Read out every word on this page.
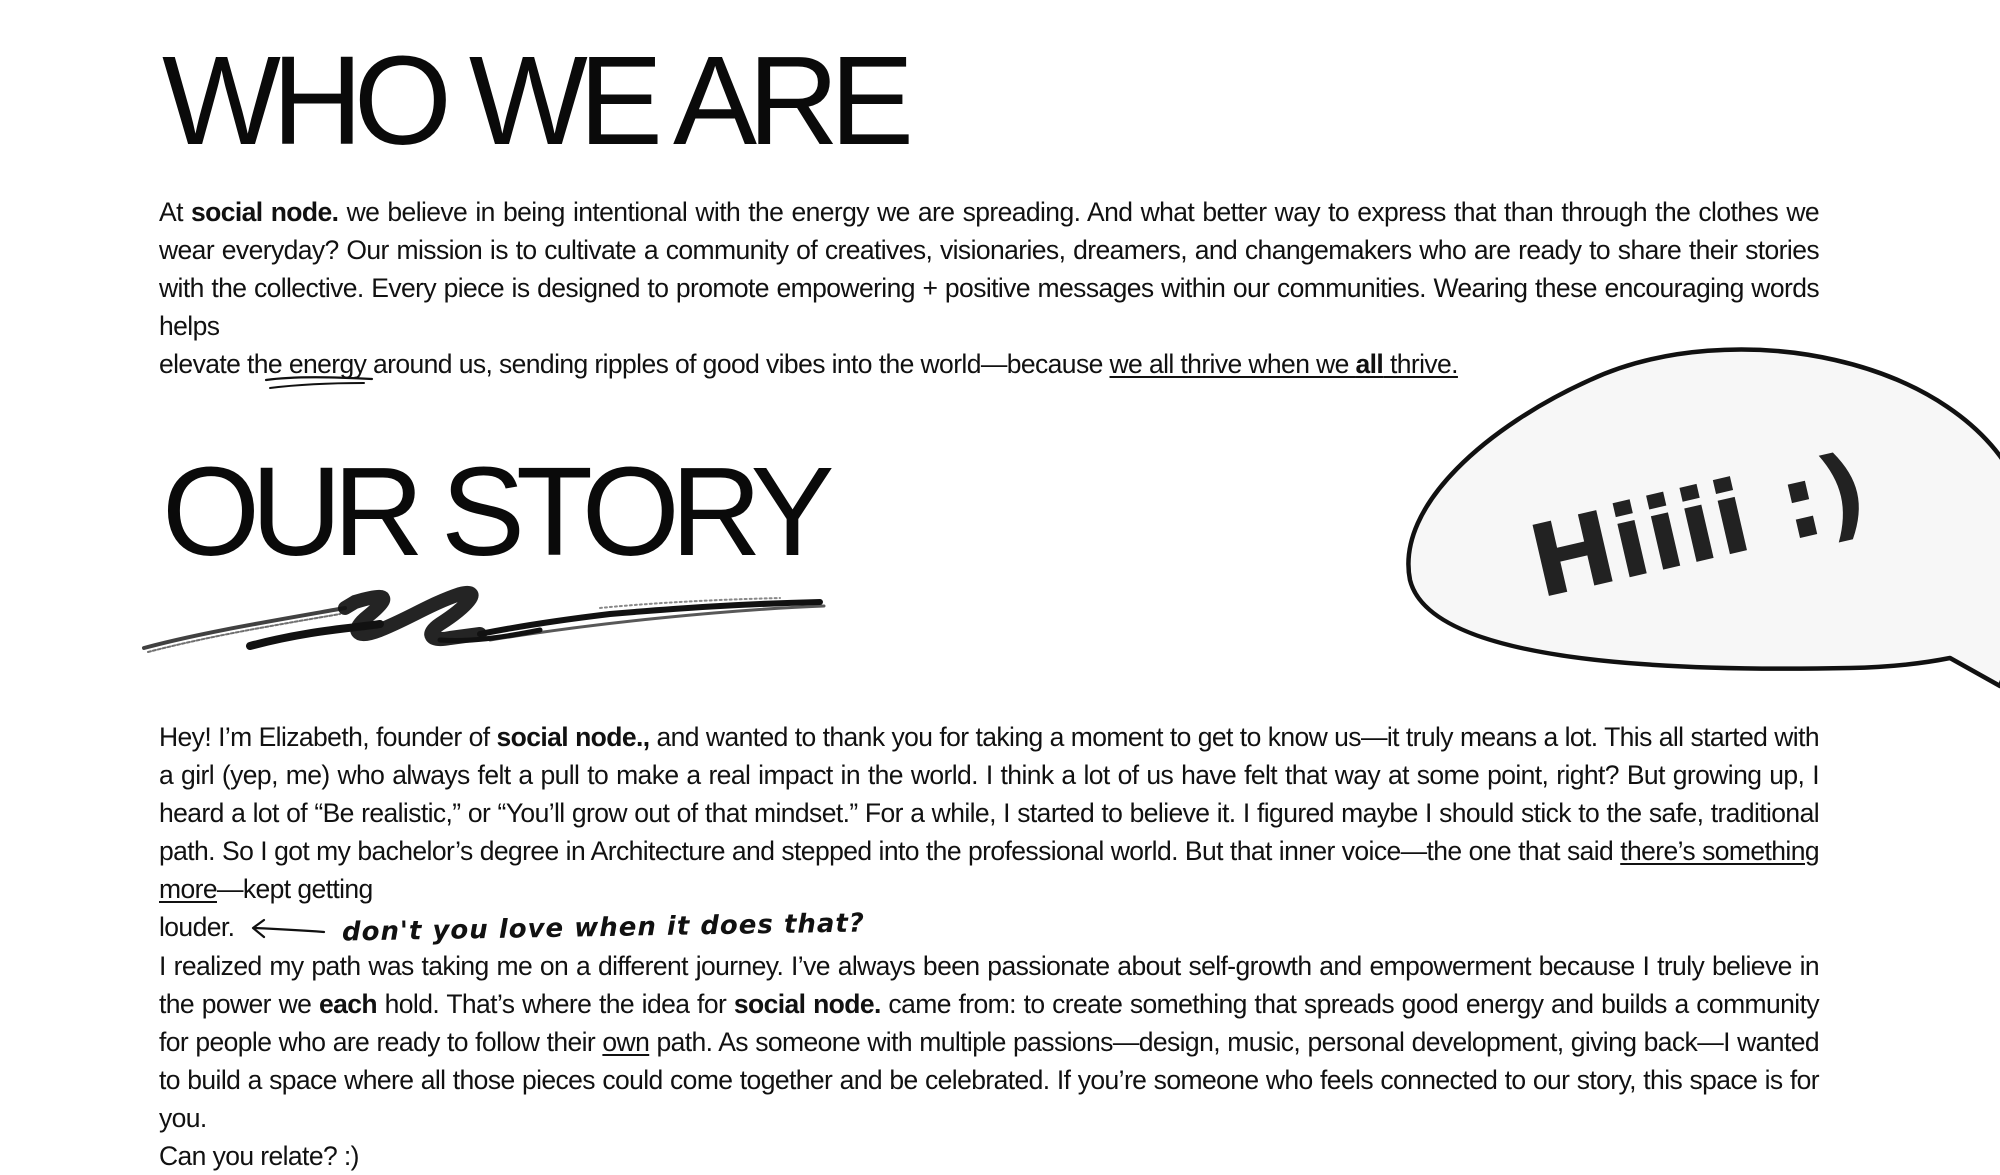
WHO WE ARE

At social node. we believe in being intentional with the energy we are spreading. And what better way to express that than through the clothes we wear everyday? Our mission is to cultivate a community of creatives, visionaries, dreamers, and changemakers who are ready to share their stories with the collective. Every piece is designed to promote empowering + positive messages within our communities. Wearing these encouraging words helps
elevate the energy ar
ound us, sending ripples of good vibes into the world—because we all thrive when we all thrive.

OUR STORY	Hiiii :)

Hey! I’m Elizabeth, founder of social node., and wanted to thank you for taking a moment to get to know us—it truly means a lot. This all started with a girl (yep, me) who always felt a pull to make a real impact in the world. I think a lot of us have felt that way at some point, right? But growing up, I heard a lot of “Be realistic,” or “You’ll grow out of that mindset.” For a while, I started to believe it. I figured maybe I should stick to the safe, traditional path. So I got my bachelor’s degree in Architecture and stepped into the professional world. But that inner voice—the one that said there’s something more—kept getting
louder.	don't you love when it does that?

I realized my path was taking me on a different journey. I’ve always been passionate about self-growth and empowerment because I truly believe in the power we each hold. That’s where the idea for social node. came from: to create something that spreads good energy and builds a community for people who are ready to follow their own path. As someone with multiple passions—design, music, personal development, giving back—I wanted to build a space where all those pieces could come together and be celebrated. If you’re someone who feels connected to our story, this space is for you.
Can you relate? :)
